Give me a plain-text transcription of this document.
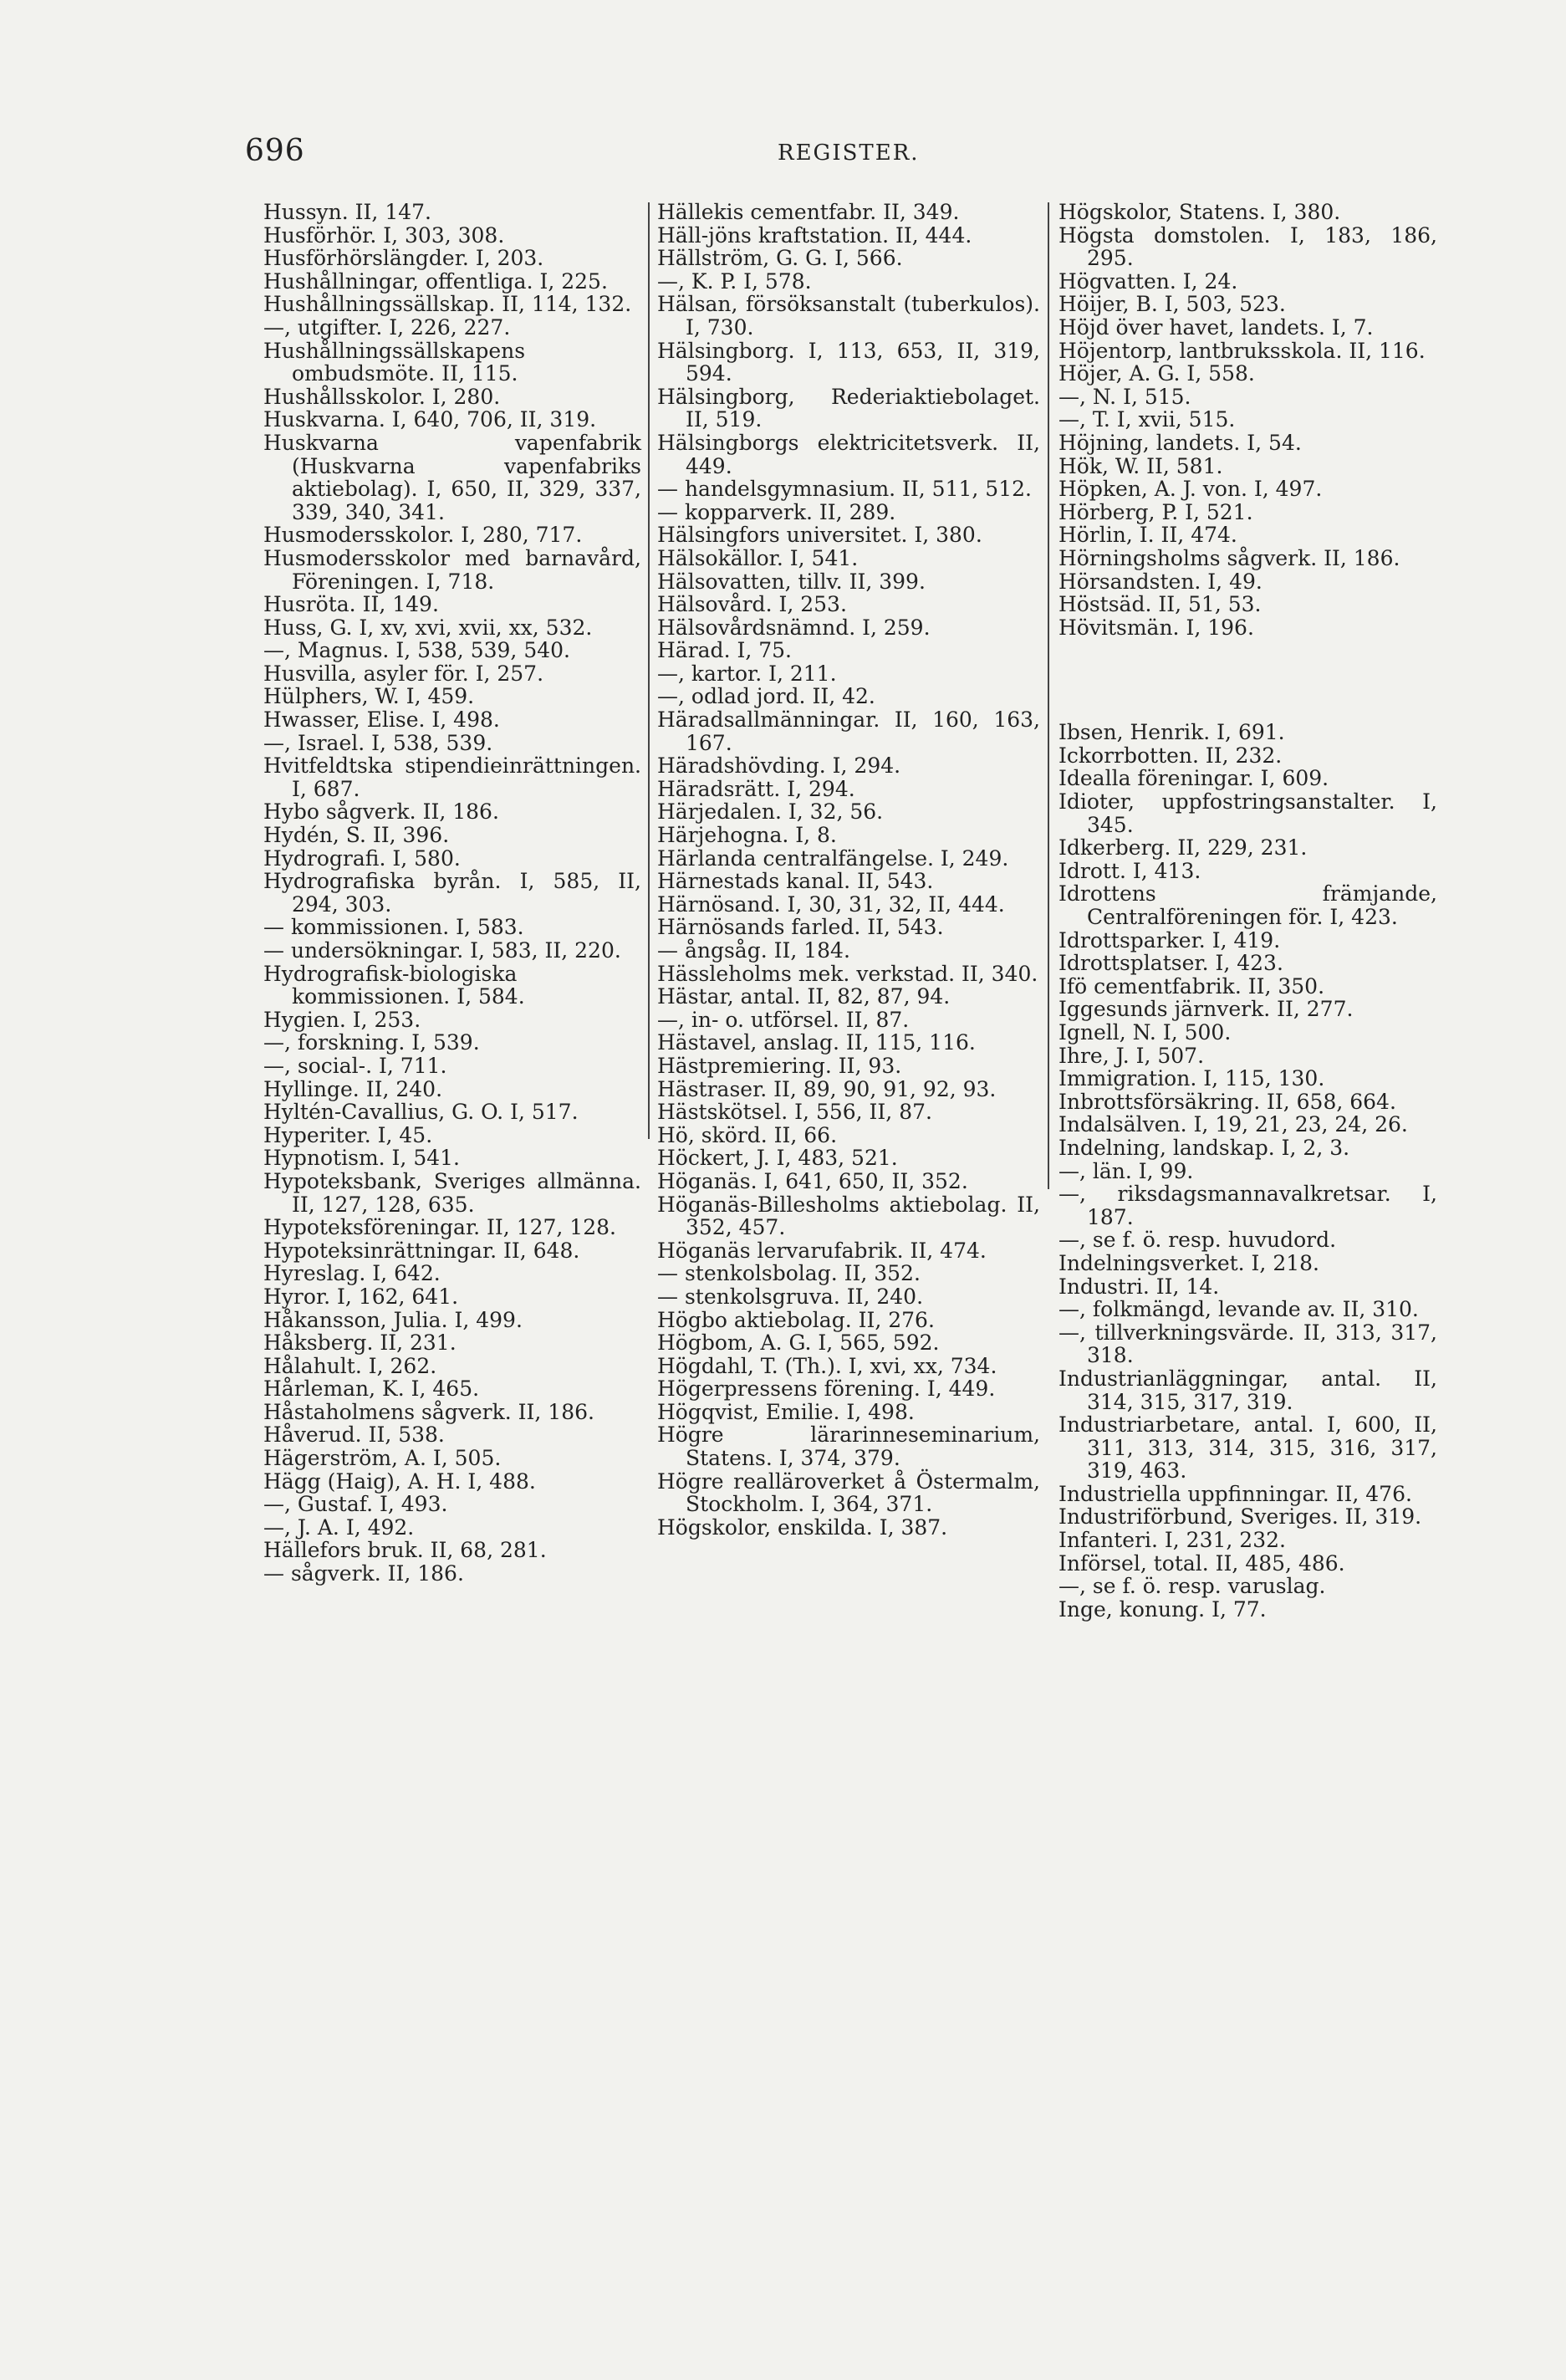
696	REGISTER.

Hussyn. II, 147.

Husförhör. I, 303, 308.

Husförhörslängder. I, 203.

Hushållningar, offentliga. I, 225.

Hushållningssällskap. II, 114, 132.

—, utgifter. I, 226, 227.

Hushållningssällskapens ombudsmöte. II, 115.

Hushållsskolor. I, 280.

Huskvarna. I, 640, 706, II, 319.

Huskvarna vapenfabrik (Huskvarna vapenfabriks aktiebolag). I, 650, II, 329, 337, 339, 340, 341.

Husmodersskolor. I, 280, 717.

Husmodersskolor med barnavård, Föreningen. I, 718.

Husröta. II, 149.

Huss, G. I, xv, xvi, xvii, xx, 532.

—, Magnus. I, 538, 539, 540.

Husvilla, asyler för. I, 257.

Hülphers, W. I, 459.

Hwasser, Elise. I, 498.

—, Israel. I, 538, 539.

Hvitfeldtska stipendieinrättningen. I, 687.

Hybo sågverk. II, 186.

Hydén, S. II, 396.

Hydrografi. I, 580.

Hydrografiska byrån. I, 585, II, 294, 303.

— kommissionen. I, 583.

— undersökningar. I, 583, II, 220.

Hydrografisk-biologiska kommissionen. I, 584.

Hygien. I, 253.

—, forskning. I, 539.

—, social-. I, 711.

Hyllinge. II, 240.

Hyltén-Cavallius, G. O. I, 517.

Hyperiter. I, 45.

Hypnotism. I, 541.

Hypoteksbank, Sveriges allmänna. II, 127, 128, 635.

Hypoteksföreningar. II, 127, 128.

Hypoteksinrättningar. II, 648.

Hyreslag. I, 642.

Hyror. I, 162, 641.

Håkansson, Julia. I, 499.

Håksberg. II, 231.

Hålahult. I, 262.

Hårleman, K. I, 465.

Håstaholmens sågverk. II, 186.

Håverud. II, 538.

Hägerström, A. I, 505.

Hägg (Haig), A. H. I, 488.

—, Gustaf. I, 493.

—, J. A. I, 492.

Hällefors bruk. II, 68, 281.

— sågverk. II, 186.

Hällekis cementfabr. II, 349.

Häll-jöns kraftstation. II, 444.

Hällström, G. G. I, 566.

—, K. P. I, 578.

Hälsan, försöksanstalt (tuberkulos). I, 730.

Hälsingborg. I, 113, 653, II, 319, 594.

Hälsingborg, Rederiaktiebolaget. II, 519.

Hälsingborgs elektricitetsverk. II, 449.

— handelsgymnasium. II, 511, 512.

— kopparverk. II, 289.

Hälsingfors universitet. I, 380.

Hälsokällor. I, 541.

Hälsovatten, tillv. II, 399.

Hälsovård. I, 253.

Hälsovårdsnämnd. I, 259.

Härad. I, 75.

—, kartor. I, 211.

—, odlad jord. II, 42.

Häradsallmänningar. II, 160, 163, 167.

Häradshövding. I, 294.

Häradsrätt. I, 294.

Härjedalen. I, 32, 56.

Härjehogna. I, 8.

Härlanda centralfängelse. I, 249.

Härnestads kanal. II, 543.

Härnösand. I, 30, 31, 32, II, 444.

Härnösands farled. II, 543.

— ångsåg. II, 184.

Hässleholms mek. verkstad. II, 340.

Hästar, antal. II, 82, 87, 94.

—, in- o. utförsel. II, 87.

Hästavel, anslag. II, 115, 116.

Hästpremiering. II, 93.

Hästraser. II, 89, 90, 91, 92, 93.

Hästskötsel. I, 556, II, 87.

Hö, skörd. II, 66.

Höckert, J. I, 483, 521.

Höganäs. I, 641, 650, II, 352.

Höganäs-Billesholms aktiebolag. II, 352, 457.

Höganäs lervarufabrik. II, 474.

— stenkolsbolag. II, 352.

— stenkolsgruva. II, 240.

Högbo aktiebolag. II, 276.

Högbom, A. G. I, 565, 592.

Högdahl, T. (Th.). I, xvi, xx, 734.

Högerpressens förening. I, 449.

Högqvist, Emilie. I, 498.

Högre lärarinneseminarium, Statens. I, 374, 379.

Högre realläroverket å Östermalm, Stockholm. I, 364, 371.

Högskolor, enskilda. I, 387.

Högskolor, Statens. I, 380.

Högsta domstolen. I, 183, 186, 295.

Högvatten. I, 24.

Höijer, B. I, 503, 523.

Höjd över havet, landets. I, 7.

Höjentorp, lantbruksskola. II, 116.

Höjer, A. G. I, 558.

—, N. I, 515.

—, T. I, xvii, 515.

Höjning, landets. I, 54.

Hök, W. II, 581.

Höpken, A. J. von. I, 497.

Hörberg, P. I, 521.

Hörlin, I. II, 474.

Hörningsholms sågverk. II, 186.

Hörsandsten. I, 49.

Höstsäd. II, 51, 53.

Hövitsmän. I, 196.

Ibsen, Henrik. I, 691.

Ickorrbotten. II, 232.

Idealla föreningar. I, 609.

Idioter, uppfostringsanstalter. I, 345.

Idkerberg. II, 229, 231.

Idrott. I, 413.

Idrottens främjande, Centralföreningen för. I, 423.

Idrottsparker. I, 419.

Idrottsplatser. I, 423.

Ifö cementfabrik. II, 350.

Iggesunds järnverk. II, 277.

Ignell, N. I, 500.

Ihre, J. I, 507.

Immigration. I, 115, 130.

Inbrottsförsäkring. II, 658, 664.

Indalsälven. I, 19, 21, 23, 24, 26.

Indelning, landskap. I, 2, 3.

—, län. I, 99.

—, riksdagsmannavalkretsar. I, 187.

—, se f. ö. resp. huvudord.

Indelningsverket. I, 218.

Industri. II, 14.

—, folkmängd, levande av. II, 310.

—, tillverkningsvärde. II, 313, 317, 318.

Industrianläggningar, antal. II, 314, 315, 317, 319.

Industriarbetare, antal. I, 600, II, 311, 313, 314, 315, 316, 317, 319, 463.

Industriella uppfinningar. II, 476.

Industriförbund, Sveriges. II, 319.

Infanteri. I, 231, 232.

Införsel, total. II, 485, 486.

—, se f. ö. resp. varuslag.

Inge, konung. I, 77.
